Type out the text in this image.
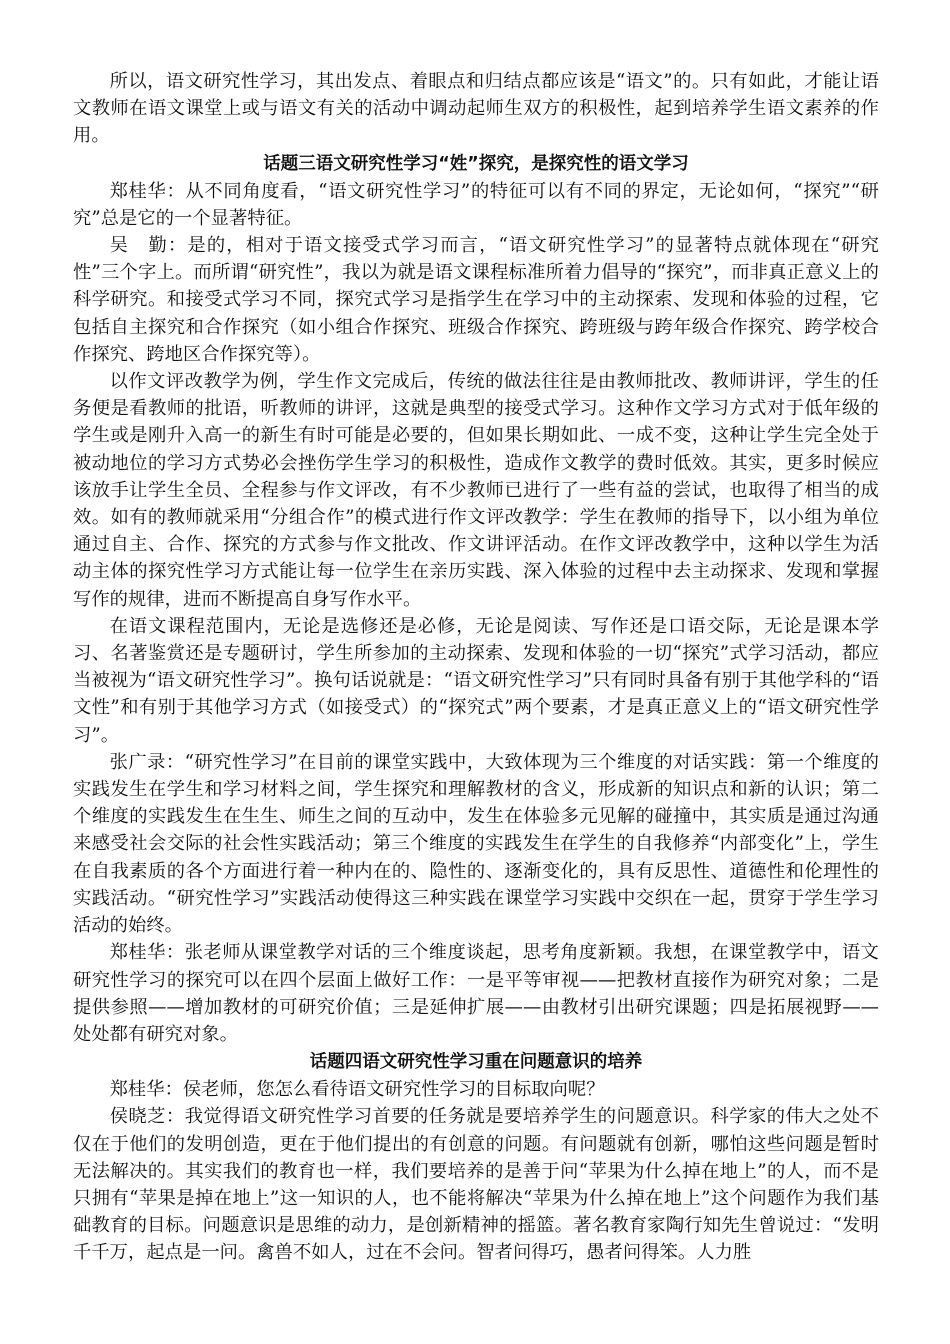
所以，语文研究性学习，其出发点、着眼点和归结点都应该是“语文”的。只有如此，才能让语文教师在语文课堂上或与语文有关的活动中调动起师生双方的积极性，起到培养学生语文素养的作用。

话题三语文研究性学习“姓”探究，是探究性的语文学习

郑桂华：从不同角度看，“语文研究性学习”的特征可以有不同的界定，无论如何，“探究”“研究”总是它的一个显著特征。

吴　勤：是的，相对于语文接受式学习而言，“语文研究性学习”的显著特点就体现在“研究性”三个字上。而所谓“研究性”，我以为就是语文课程标准所着力倡导的“探究”，而非真正意义上的科学研究。和接受式学习不同，探究式学习是指学生在学习中的主动探索、发现和体验的过程，它包括自主探究和合作探究（如小组合作探究、班级合作探究、跨班级与跨年级合作探究、跨学校合作探究、跨地区合作探究等）。

以作文评改教学为例，学生作文完成后，传统的做法往往是由教师批改、教师讲评，学生的任务便是看教师的批语，听教师的讲评，这就是典型的接受式学习。这种作文学习方式对于低年级的学生或是刚升入高一的新生有时可能是必要的，但如果长期如此、一成不变，这种让学生完全处于被动地位的学习方式势必会挫伤学生学习的积极性，造成作文教学的费时低效。其实，更多时候应该放手让学生全员、全程参与作文评改，有不少教师已进行了一些有益的尝试，也取得了相当的成效。如有的教师就采用“分组合作”的模式进行作文评改教学：学生在教师的指导下，以小组为单位通过自主、合作、探究的方式参与作文批改、作文讲评活动。在作文评改教学中，这种以学生为活动主体的探究性学习方式能让每一位学生在亲历实践、深入体验的过程中去主动探求、发现和掌握写作的规律，进而不断提高自身写作水平。

在语文课程范围内，无论是选修还是必修，无论是阅读、写作还是口语交际，无论是课本学习、名著鉴赏还是专题研讨，学生所参加的主动探索、发现和体验的一切“探究”式学习活动，都应当被视为“语文研究性学习”。换句话说就是：“语文研究性学习”只有同时具备有别于其他学科的“语文性”和有别于其他学习方式（如接受式）的“探究式”两个要素，才是真正意义上的“语文研究性学习”。

张广录：“研究性学习”在目前的课堂实践中，大致体现为三个维度的对话实践：第一个维度的实践发生在学生和学习材料之间，学生探究和理解教材的含义，形成新的知识点和新的认识；第二个维度的实践发生在生生、师生之间的互动中，发生在体验多元见解的碰撞中，其实质是通过沟通来感受社会交际的社会性实践活动；第三个维度的实践发生在学生的自我修养“内部变化”上，学生在自我素质的各个方面进行着一种内在的、隐性的、逐渐变化的，具有反思性、道德性和伦理性的实践活动。“研究性学习”实践活动使得这三种实践在课堂学习实践中交织在一起，贯穿于学生学习活动的始终。

郑桂华：张老师从课堂教学对话的三个维度谈起，思考角度新颖。我想，在课堂教学中，语文研究性学习的探究可以在四个层面上做好工作：一是平等审视——把教材直接作为研究对象；二是提供参照——增加教材的可研究价值；三是延伸扩展——由教材引出研究课题；四是拓展视野——处处都有研究对象。

话题四语文研究性学习重在问题意识的培养

郑桂华：侯老师，您怎么看待语文研究性学习的目标取向呢？

侯晓芝：我觉得语文研究性学习首要的任务就是要培养学生的问题意识。科学家的伟大之处不仅在于他们的发明创造，更在于他们提出的有创意的问题。有问题就有创新，哪怕这些问题是暂时无法解决的。其实我们的教育也一样，我们要培养的是善于问“苹果为什么掉在地上”的人，而不是只拥有“苹果是掉在地上”这一知识的人，也不能将解决“苹果为什么掉在地上”这个问题作为我们基础教育的目标。问题意识是思维的动力，是创新精神的摇篮。著名教育家陶行知先生曾说过：“发明千千万，起点是一问。禽兽不如人，过在不会问。智者问得巧，愚者问得笨。人力胜
